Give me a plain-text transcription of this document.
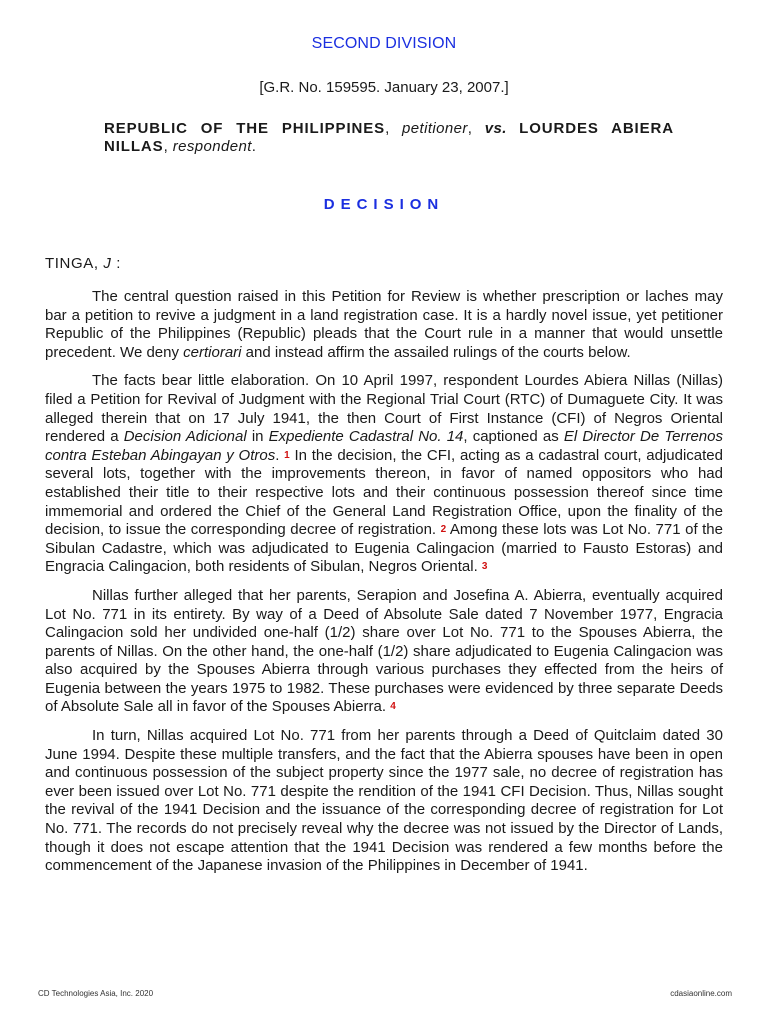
SECOND DIVISION
[G.R. No. 159595. January 23, 2007.]
REPUBLIC OF THE PHILIPPINES, petitioner, vs. LOURDES ABIERA NILLAS, respondent.
DECISION
TINGA, J :

The central question raised in this Petition for Review is whether prescription or laches may bar a petition to revive a judgment in a land registration case. It is a hardly novel issue, yet petitioner Republic of the Philippines (Republic) pleads that the Court rule in a manner that would unsettle precedent. We deny certiorari and instead affirm the assailed rulings of the courts below.

The facts bear little elaboration. On 10 April 1997, respondent Lourdes Abiera Nillas (Nillas) filed a Petition for Revival of Judgment with the Regional Trial Court (RTC) of Dumaguete City. It was alleged therein that on 17 July 1941, the then Court of First Instance (CFI) of Negros Oriental rendered a Decision Adicional in Expediente Cadastral No. 14, captioned as El Director De Terrenos contra Esteban Abingayan y Otros. 1 In the decision, the CFI, acting as a cadastral court, adjudicated several lots, together with the improvements thereon, in favor of named oppositors who had established their title to their respective lots and their continuous possession thereof since time immemorial and ordered the Chief of the General Land Registration Office, upon the finality of the decision, to issue the corresponding decree of registration. 2 Among these lots was Lot No. 771 of the Sibulan Cadastre, which was adjudicated to Eugenia Calingacion (married to Fausto Estoras) and Engracia Calingacion, both residents of Sibulan, Negros Oriental. 3

Nillas further alleged that her parents, Serapion and Josefina A. Abierra, eventually acquired Lot No. 771 in its entirety. By way of a Deed of Absolute Sale dated 7 November 1977, Engracia Calingacion sold her undivided one-half (1/2) share over Lot No. 771 to the Spouses Abierra, the parents of Nillas. On the other hand, the one-half (1/2) share adjudicated to Eugenia Calingacion was also acquired by the Spouses Abierra through various purchases they effected from the heirs of Eugenia between the years 1975 to 1982. These purchases were evidenced by three separate Deeds of Absolute Sale all in favor of the Spouses Abierra. 4

In turn, Nillas acquired Lot No. 771 from her parents through a Deed of Quitclaim dated 30 June 1994. Despite these multiple transfers, and the fact that the Abierra spouses have been in open and continuous possession of the subject property since the 1977 sale, no decree of registration has ever been issued over Lot No. 771 despite the rendition of the 1941 CFI Decision. Thus, Nillas sought the revival of the 1941 Decision and the issuance of the corresponding decree of registration for Lot No. 771. The records do not precisely reveal why the decree was not issued by the Director of Lands, though it does not escape attention that the 1941 Decision was rendered a few months before the commencement of the Japanese invasion of the Philippines in December of 1941.

CD Technologies Asia, Inc. 2020	cdasiaonline.com
